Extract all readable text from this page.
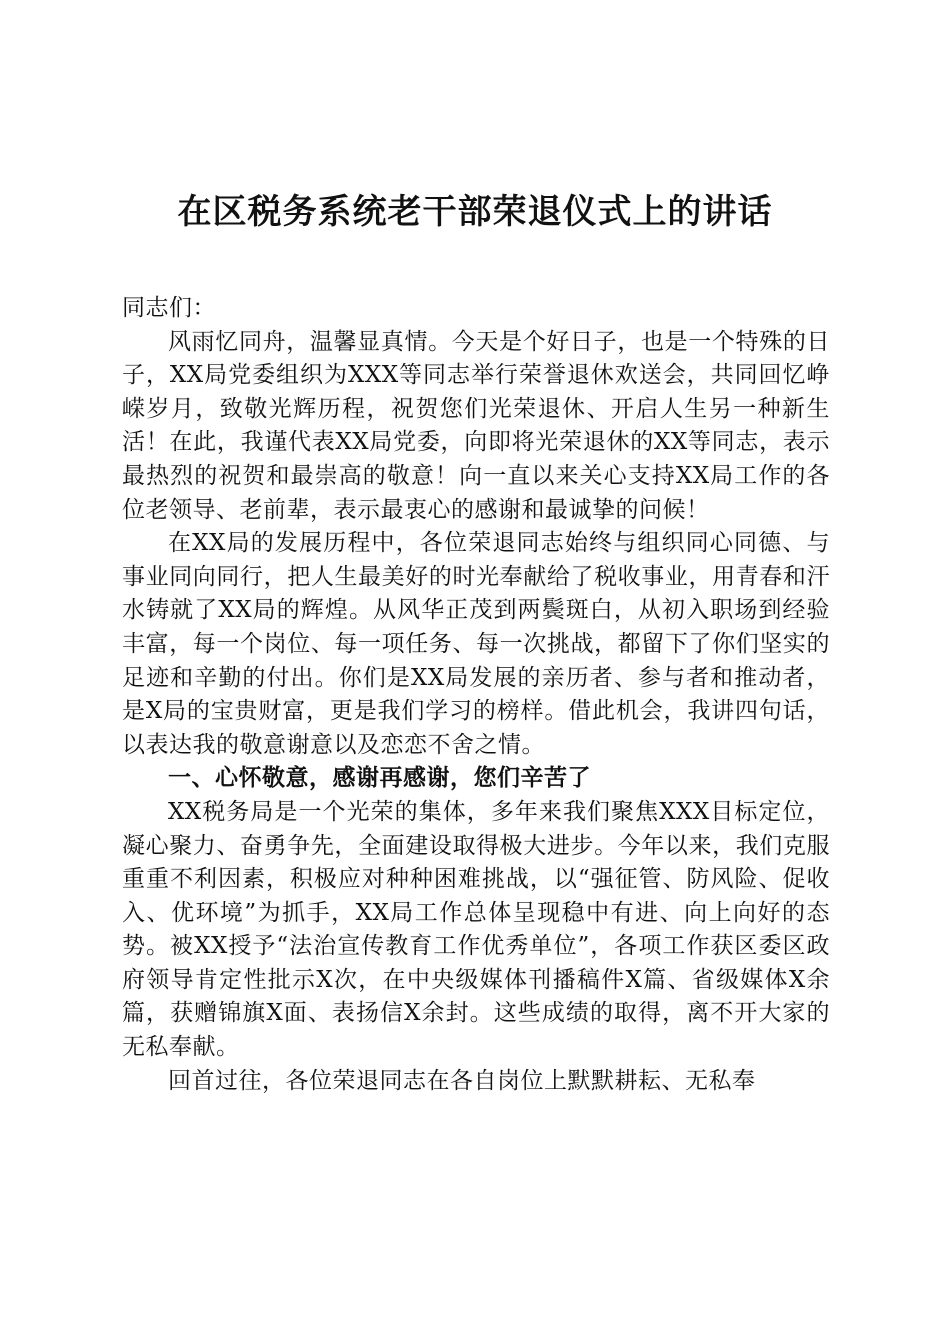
在区税务系统老干部荣退仪式上的讲话

同志们：

风雨忆同舟，温馨显真情。今天是个好日子，也是一个特殊的日子，XX局党委组织为XXX等同志举行荣誉退休欢送会，共同回忆峥嵘岁月，致敬光辉历程，祝贺您们光荣退休、开启人生另一种新生活！在此，我谨代表XX局党委，向即将光荣退休的XX等同志，表示最热烈的祝贺和最崇高的敬意！向一直以来关心支持XX局工作的各位老领导、老前辈，表示最衷心的感谢和最诚挚的问候！

在XX局的发展历程中，各位荣退同志始终与组织同心同德、与事业同向同行，把人生最美好的时光奉献给了税收事业，用青春和汗水铸就了XX局的辉煌。从风华正茂到两鬓斑白，从初入职场到经验丰富，每一个岗位、每一项任务、每一次挑战，都留下了你们坚实的足迹和辛勤的付出。你们是XX局发展的亲历者、参与者和推动者，是X局的宝贵财富，更是我们学习的榜样。借此机会，我讲四句话，以表达我的敬意谢意以及恋恋不舍之情。

一、心怀敬意，感谢再感谢，您们辛苦了

XX税务局是一个光荣的集体，多年来我们聚焦XXX目标定位，凝心聚力、奋勇争先，全面建设取得极大进步。今年以来，我们克服重重不利因素，积极应对种种困难挑战，以“强征管、防风险、促收入、优环境”为抓手，XX局工作总体呈现稳中有进、向上向好的态势。被XX授予“法治宣传教育工作优秀单位”，各项工作获区委区政府领导肯定性批示X次，在中央级媒体刊播稿件X篇、省级媒体X余篇，获赠锦旗X面、表扬信X余封。这些成绩的取得，离不开大家的无私奉献。

回首过往，各位荣退同志在各自岗位上默默耕耘、无私奉
